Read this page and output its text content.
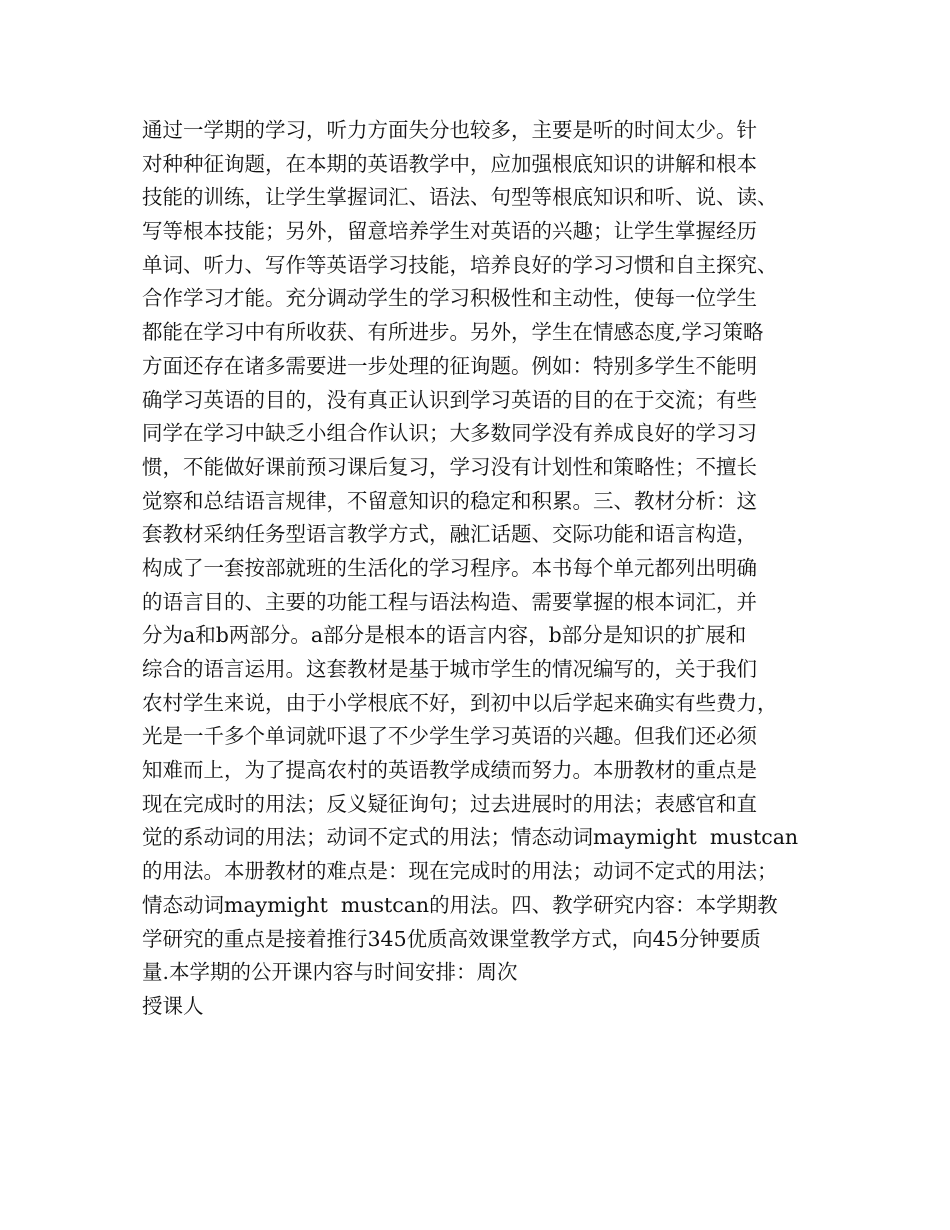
通过一学期的学习，听力方面失分也较多，主要是听的时间太少。针
对种种征询题，在本期的英语教学中，应加强根底知识的讲解和根本
技能的训练，让学生掌握词汇、语法、句型等根底知识和听、说、读、
写等根本技能；另外，留意培养学生对英语的兴趣；让学生掌握经历
单词、听力、写作等英语学习技能，培养良好的学习习惯和自主探究、
合作学习才能。充分调动学生的学习积极性和主动性，使每一位学生
都能在学习中有所收获、有所进步。另外，学生在情感态度,学习策略
方面还存在诸多需要进一步处理的征询题。例如：特别多学生不能明
确学习英语的目的，没有真正认识到学习英语的目的在于交流；有些
同学在学习中缺乏小组合作认识；大多数同学没有养成良好的学习习
惯，不能做好课前预习课后复习，学习没有计划性和策略性；不擅长
觉察和总结语言规律，不留意知识的稳定和积累。三、教材分析：这
套教材采纳任务型语言教学方式，融汇话题、交际功能和语言构造，
构成了一套按部就班的生活化的学习程序。本书每个单元都列出明确
的语言目的、主要的功能工程与语法构造、需要掌握的根本词汇，并
分为a和b两部分。a部分是根本的语言内容，b部分是知识的扩展和
综合的语言运用。这套教材是基于城市学生的情况编写的，关于我们
农村学生来说，由于小学根底不好，到初中以后学起来确实有些费力，
光是一千多个单词就吓退了不少学生学习英语的兴趣。但我们还必须
知难而上，为了提高农村的英语教学成绩而努力。本册教材的重点是
现在完成时的用法；反义疑征询句；过去进展时的用法；表感官和直
觉的系动词的用法；动词不定式的用法；情态动词maymight  mustcan
的用法。本册教材的难点是：现在完成时的用法；动词不定式的用法；
情态动词maymight  mustcan的用法。四、教学研究内容：本学期教
学研究的重点是接着推行345优质高效课堂教学方式，向45分钟要质
量.本学期的公开课内容与时间安排：周次
授课人
